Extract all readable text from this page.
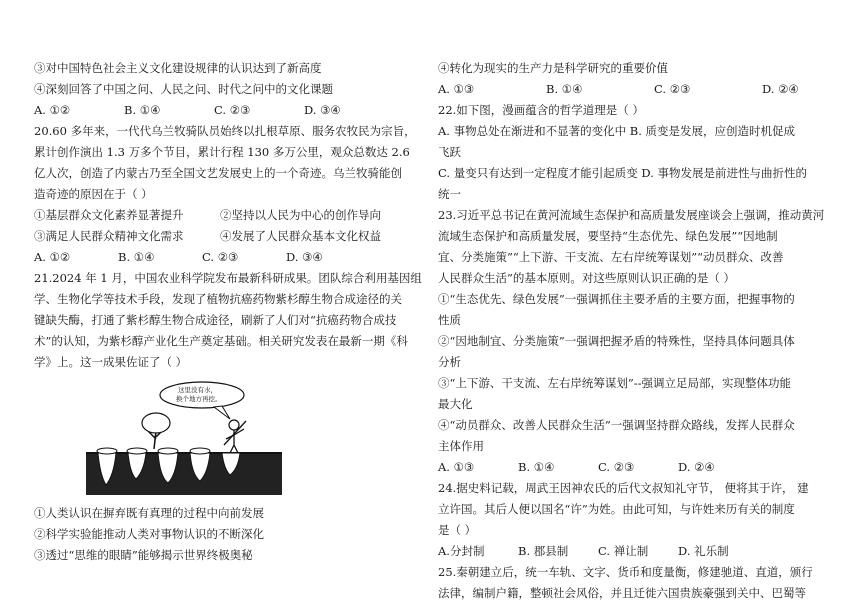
③对中国特色社会主义文化建设规律的认识达到了新高度
④深刻回答了中国之问、人民之问、时代之问中的文化课题
A. ①②	B. ①④	C. ②③	D. ③④
20.60 多年来，一代代乌兰牧骑队员始终以扎根草原、服务农牧民为宗旨，
累计创作演出 1.3 万多个节目，累计行程 130 多万公里，观众总数达 2.6
亿人次，创造了内蒙古乃至全国文艺发展史上的一个奇迹。乌兰牧骑能创
造奇迹的原因在于（ ）
①基层群众文化素养显著提升	②坚持以人民为中心的创作导向
③满足人民群众精神文化需求	④发展了人民群众基本文化权益
A. ①②	B. ①④	C. ②③	D. ③④
21.2024 年 1 月，中国农业科学院发布最新科研成果。团队综合利用基因组
学、生物化学等技术手段，发现了植物抗癌药物紫杉醇生物合成途径的关
键缺失酶，打通了紫杉醇生物合成途径，刷新了人们对“抗癌药物合成技
术”的认知，为紫杉醇产业化生产奠定基础。相关研究发表在最新一期《科
学》上。这一成果佐证了（ ）
这里没有水，
换个地方再挖。
①人类认识在摒弃既有真理的过程中向前发展
②科学实验能推动人类对事物认识的不断深化
③透过“思维的眼睛”能够揭示世界终极奥秘
④转化为现实的生产力是科学研究的重要价值
A. ①③	B. ①④	C. ②③	D. ②④
22.如下图，漫画蕴含的哲学道理是（ ）
A. 事物总处在渐进和不显著的变化中 B. 质变是发展，应创造时机促成
飞跃
C. 量变只有达到一定程度才能引起质变 D. 事物发展是前进性与曲折性的
统一
23.习近平总书记在黄河流域生态保护和高质量发展座谈会上强调，推动黄河
流域生态保护和高质量发展，要坚持“生态优先、绿色发展”“因地制
宜、分类施策”“上下游、干支流、左右岸统筹谋划”“动员群众、改善
人民群众生活”的基本原则。对这些原则认识正确的是（ ）
①“生态优先、绿色发展”一强调抓住主要矛盾的主要方面，把握事物的
性质
②“因地制宜、分类施策”一强调把握矛盾的特殊性，坚持具体问题具体
分析
③“上下游、干支流、左右岸统筹谋划”--强调立足局部，实现整体功能
最大化
④“动员群众、改善人民群众生活”一强调坚持群众路线，发挥人民群众
主体作用
A. ①③	B. ①④	C. ②③	D. ②④
24.据史料记载，周武王因神农氏的后代文叔知礼守节， 便将其于许， 建
立许国。其后人便以国名“许”为姓。由此可知，与许姓来历有关的制度
是（ ）
A.分封制	B. 郡县制	C. 禅让制	D. 礼乐制
25.秦朝建立后，统一车轨、文字、货币和度量衡，修建驰道、直道，颁行
法律，编制户籍，整顿社会风俗，并且迁徙六国贵族豪强到关中、巴蜀等
